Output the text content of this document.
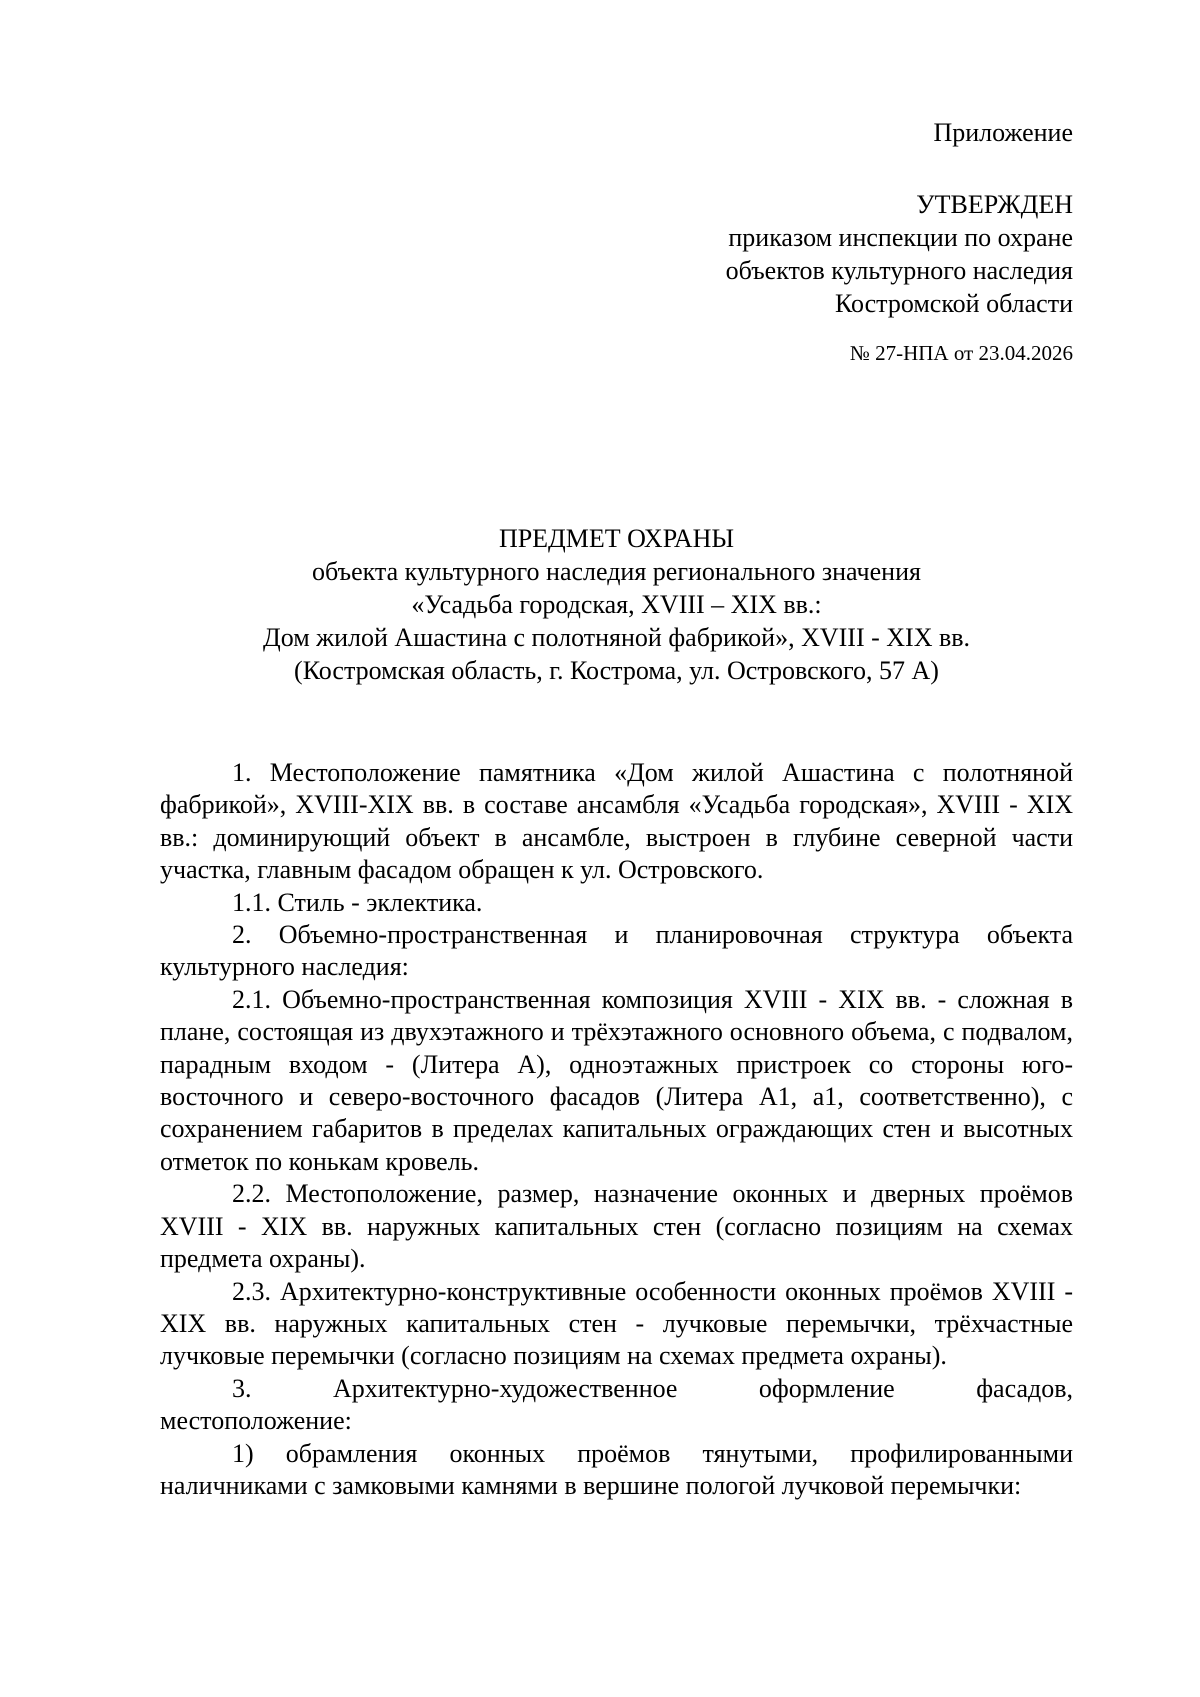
Приложение
УТВЕРЖДЕН
приказом инспекции по охране
объектов культурного наследия
Костромской области
№ 27-НПА от 23.04.2026
ПРЕДМЕТ ОХРАНЫ
объекта культурного наследия регионального значения
«Усадьба городская, XVIII – XIX вв.:
Дом жилой Ашастина с полотняной фабрикой», XVIII - XIX вв.
(Костромская область, г. Кострома, ул. Островского, 57 А)

1. Местоположение памятника «Дом жилой Ашастина с полотняной фабрикой», XVIII-XIX вв. в составе ансамбля «Усадьба городская», XVIII - XIX вв.: доминирующий объект в ансамбле, выстроен в глубине северной части участка, главным фасадом обращен к ул. Островского.

1.1. Стиль - эклектика.

2. Объемно-пространственная и планировочная структура объекта культурного наследия:

2.1. Объемно-пространственная композиция XVIII - XIX вв. - сложная в плане, состоящая из двухэтажного и трёхэтажного основного объема, с подвалом, парадным входом - (Литера А), одноэтажных пристроек со стороны юго-восточного и северо-восточного фасадов (Литера А1, а1, соответственно), с сохранением габаритов в пределах капитальных ограждающих стен и высотных отметок по конькам кровель.

2.2. Местоположение, размер, назначение оконных и дверных проёмов XVIII - XIX вв. наружных капитальных стен (согласно позициям на схемах предмета охраны).

2.3. Архитектурно-конструктивные особенности оконных проёмов XVIII - XIX вв. наружных капитальных стен - лучковые перемычки, трёхчастные лучковые перемычки (согласно позициям на схемах предмета охраны).

3. Архитектурно-художественное оформление фасадов,

местоположение:

1) обрамления оконных проёмов тянутыми, профилированными наличниками с замковыми камнями в вершине пологой лучковой перемычки:
